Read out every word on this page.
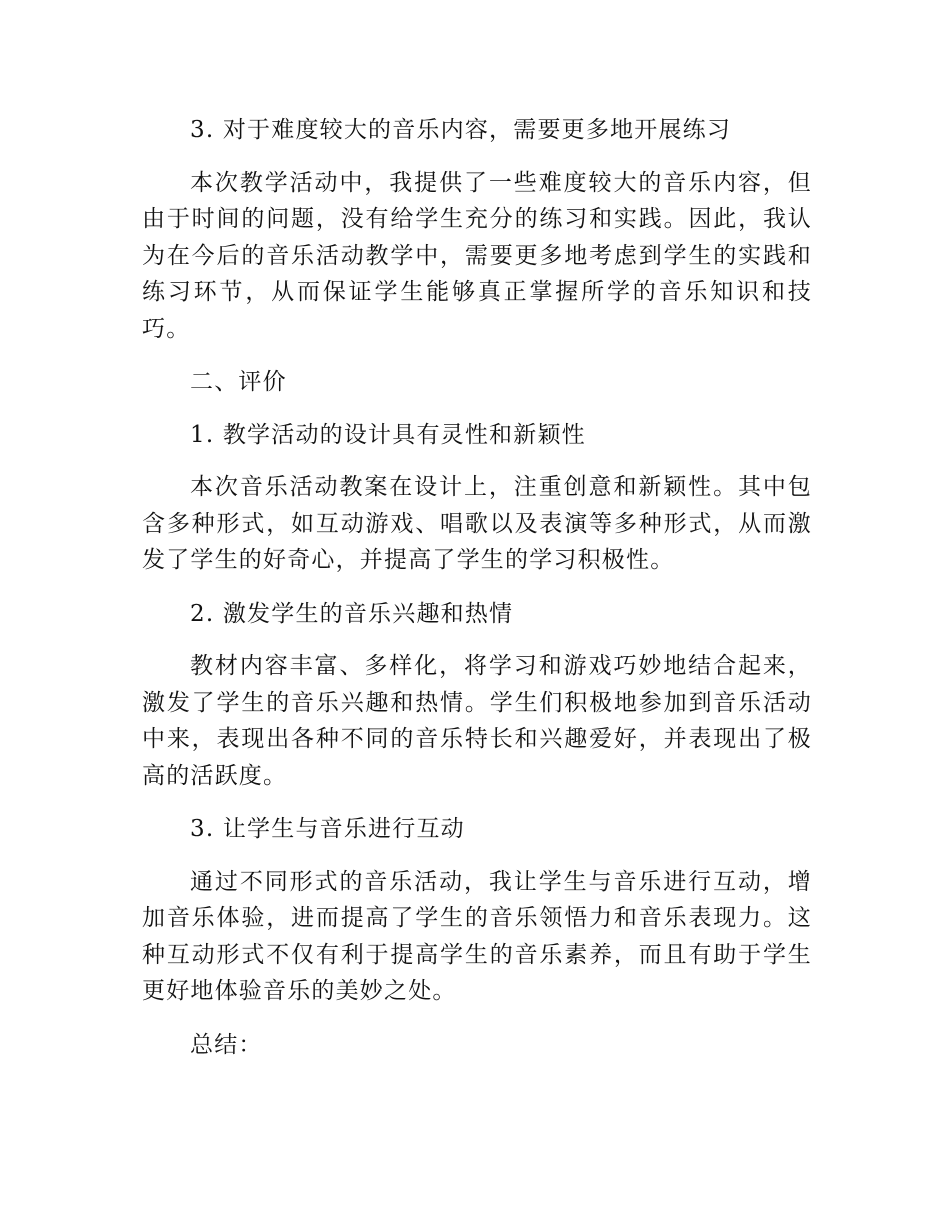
3. 对于难度较大的音乐内容，需要更多地开展练习

本次教学活动中，我提供了一些难度较大的音乐内容，但由于时间的问题，没有给学生充分的练习和实践。因此，我认为在今后的音乐活动教学中，需要更多地考虑到学生的实践和练习环节，从而保证学生能够真正掌握所学的音乐知识和技巧。

二、评价

1. 教学活动的设计具有灵性和新颖性

本次音乐活动教案在设计上，注重创意和新颖性。其中包含多种形式，如互动游戏、唱歌以及表演等多种形式，从而激发了学生的好奇心，并提高了学生的学习积极性。

2. 激发学生的音乐兴趣和热情

教材内容丰富、多样化，将学习和游戏巧妙地结合起来，激发了学生的音乐兴趣和热情。学生们积极地参加到音乐活动中来，表现出各种不同的音乐特长和兴趣爱好，并表现出了极高的活跃度。

3. 让学生与音乐进行互动

通过不同形式的音乐活动，我让学生与音乐进行互动，增加音乐体验，进而提高了学生的音乐领悟力和音乐表现力。这种互动形式不仅有利于提高学生的音乐素养，而且有助于学生更好地体验音乐的美妙之处。

总结：
